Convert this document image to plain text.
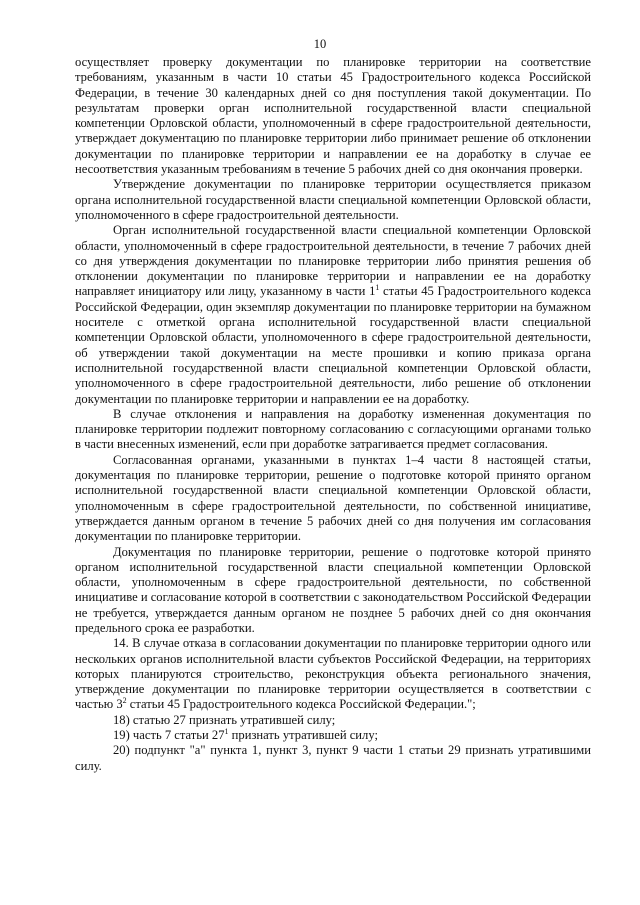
10

осуществляет проверку документации по планировке территории на соответствие требованиям, указанным в части 10 статьи 45 Градостроительного кодекса Российской Федерации, в течение 30 календарных дней со дня поступления такой документации. По результатам проверки орган исполнительной государственной власти специальной компетенции Орловской области, уполномоченный в сфере градостроительной деятельности, утверждает документацию по планировке территории либо принимает решение об отклонении документации по планировке территории и направлении ее на доработку в случае ее несоответствия указанным требованиям в течение 5 рабочих дней со дня окончания проверки.

Утверждение документации по планировке территории осуществляется приказом органа исполнительной государственной власти специальной компетенции Орловской области, уполномоченного в сфере градостроительной деятельности.

Орган исполнительной государственной власти специальной компетенции Орловской области, уполномоченный в сфере градостроительной деятельности, в течение 7 рабочих дней со дня утверждения документации по планировке территории либо принятия решения об отклонении документации по планировке территории и направлении ее на доработку направляет инициатору или лицу, указанному в части $1^1$ статьи 45 Градостроительного кодекса Российской Федерации, один экземпляр документации по планировке территории на бумажном носителе с отметкой органа исполнительной государственной власти специальной компетенции Орловской области, уполномоченного в сфере градостроительной деятельности, об утверждении такой документации на месте прошивки и копию приказа органа исполнительной государственной власти специальной компетенции Орловской области, уполномоченного в сфере градостроительной деятельности, либо решение об отклонении документации по планировке территории и направлении ее на доработку.

В случае отклонения и направления на доработку измененная документация по планировке территории подлежит повторному согласованию с согласующими органами только в части внесенных изменений, если при доработке затрагивается предмет согласования.

Согласованная органами, указанными в пунктах 1–4 части 8 настоящей статьи, документация по планировке территории, решение о подготовке которой принято органом исполнительной государственной власти специальной компетенции Орловской области, уполномоченным в сфере градостроительной деятельности, по собственной инициативе, утверждается данным органом в течение 5 рабочих дней со дня получения им согласования документации по планировке территории.

Документация по планировке территории, решение о подготовке которой принято органом исполнительной государственной власти специальной компетенции Орловской области, уполномоченным в сфере градостроительной деятельности, по собственной инициативе и согласование которой в соответствии с законодательством Российской Федерации не требуется, утверждается данным органом не позднее 5 рабочих дней со дня окончания предельного срока ее разработки.

14. В случае отказа в согласовании документации по планировке территории одного или нескольких органов исполнительной власти субъектов Российской Федерации, на территориях которых планируются строительство, реконструкция объекта регионального значения, утверждение документации по планировке территории осуществляется в соответствии с частью $3^2$ статьи 45 Градостроительного кодекса Российской Федерации.";

18) статью 27 признать утратившей силу;

19) часть 7 статьи $27^1$ признать утратившей силу;

20) подпункт "а" пункта 1, пункт 3, пункт 9 части 1 статьи 29 признать утратившими силу.
